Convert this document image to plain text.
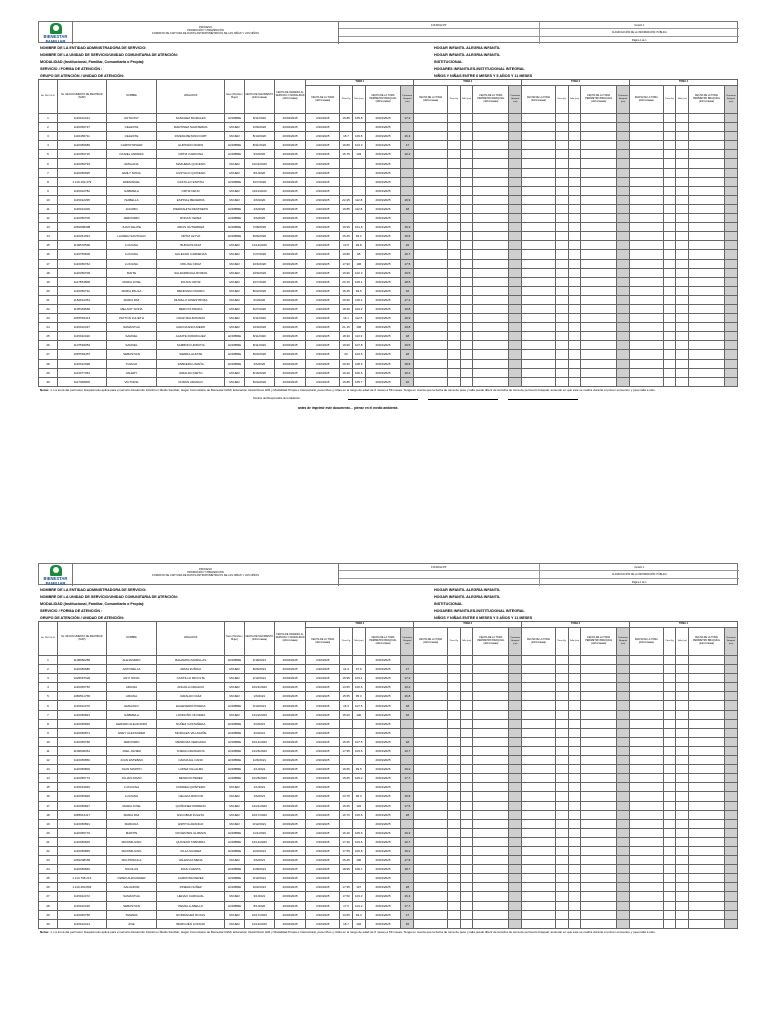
BIENESTAR
FAMILIAR
PROCESO
PROMOCIÓN Y PREVENCIÓN
FORMATO DE CAPTURA DE DATOS ANTROPOMÉTRICOS DE LAS NIÑAS Y LOS NIÑOS
F18.MO12.PP	Versión 1
CLASIFICACIÓN DE LA INFORMACIÓN: PÚBLICA
Página 1 de 1
NOMBRE DE LA ENTIDAD ADMINISTRADORA DE SERVICIO:	HOGAR INFANTIL ALEGRIA INFANTIL
NOMBRE DE LA UNIDAD DE SERVICIO/UNIDAD COMUNITARIA DE ATENCIÓN:	HOGAR INFANTIL ALEGRIA INFANTIL
MODALIDAD (Institucional, Familiar, Comunitaria o Propia):	INSTITUCIONAL
SERVICIO / FORMA DE ATENCIÓN :	HOGARES INFANTILES-INSTITUCIONAL INTEGRAL
GRUPO DE ATENCIÓN / UNIDAD DE ATENCIÓN:	NIÑOS Y NIÑAS ENTRE 6 MESES Y 5 AÑOS Y 11 MESES
No. DE FOLIO	No. DE DOCUMENTO DE IDENTIDAD (NUIP)	NOMBRE	APELLIDOS	Sexo (Hombre / Mujer)	FECHA DE NACIMIENTO (dd/mm/aaaa)	FECHA DE INGRESO AL SERVICIO O MODALIDAD (dd/mm/aaaa)	TOMA 1					TOMA 2					TOMA 3					TOMA 4				
							FECHA DE LA TOMA (dd/mm/aaaa)	Peso Kg	Talla (cm)	FECHA DE LA TOMA PERÍMETRO BRAQUIAL (dd/mm/aaaa)	Perímetro Braquial (cm)	FECHA DE LA TOMA (dd/mm/aaaa)	Peso Kg	Talla (cm)	FECHA DE LA TOMA PERÍMETRO BRAQUIAL (dd/mm/aaaa)	Perímetro Braquial (cm)	FECHA DE LA TOMA (dd/mm/aaaa)	Peso Kg	Talla (cm)	FECHA DE LA TOMA PERÍMETRO BRAQUIAL (dd/mm/aaaa)	Perímetro Braquial (cm)	FECHA DE LA TOMA (dd/mm/aaaa)	Peso Kg	Talla (cm)	FECHA DE LA TOMA PERÍMETRO BRAQUIAL (dd/mm/aaaa)	Perímetro Braquial (cm)
1	1115012421	ANTHONY	SANCHEZ MORALES	HOMBRE	8/11/2020	20/03/2025	2/20/2025	16.85	105.8	20/03/2025	17.2															
2	1116456737	CELESTE	MARTINEZ SAVATERRA	MUJER	1/06/2020	20/03/2025	2/20/2025			20/03/2025																
3	1116456711	CELESTE	RIVERA BETANCOURT	MUJER	8/10/2020	20/03/2025	2/20/2025	18.7	106.8	20/03/2025	16.3															
4	1116456689	CHRISTOPHER	HURTADO MARIN	HOMBRE	8/31/2020	20/03/2025	2/20/2025	16.80	104.3	20/03/2025	17															
5	1116456715	DANIEL ANDRES	ORTIZ CARDONA	HOMBRE	9/9/2020	20/03/2025	2/20/2025	15.75	103	20/03/2025	16.2															
6	1116456793	EMILIANA	MAZUERA QUICENO	MUJER	10/11/2020	20/03/2025	2/20/2025			20/03/2025																
7	1116456695	EMILY SOFIA	CASTILLO QUICENO	MUJER	8/1/2020	20/03/2025	2/20/2025			20/03/2025																
8	1.116.152.379	EMMANUEL	CASTILLO ESPITIA	HOMBRE	10/7/2020	20/03/2025	2/20/2025			20/03/2025																
9	1115012782	GABRIELA	ORTIZ FEIJO	MUJER	11/11/2020	20/03/2025	2/20/2025			20/03/2025																
10	1115012295	ISABELLA	ESPINAL BECERRA	MUJER	4/6/2020	20/03/2025	2/20/2025	22.25	112.8	20/03/2025	19.9															
11	1115012406	JACOBO	PIEDRAHITA RESTREPO	HOMBRE	4/6/2020	20/03/2025	2/20/2025	16.85	112.8	20/03/2025	18															
12	1116456705	JERONIMO	RODAS YEPEZ	HOMBRE	4/6/2020	20/03/2025	2/20/2025			20/03/2025																
13	1081808498	JUAN FELIPE	ARIAS GUTIERREZ	HOMBRE	7/28/2020	20/03/2025	2/20/2025	16.95	101.8	20/03/2025	16.3															
14	1116451091	LAUREN SANTIAGO	ORTIZ LEYVA	HOMBRE	8/26/2020	20/03/2025	2/20/2025	16.25	99.2	20/03/2025	15.5															
15	1109570590	LUCIANA	BURGOS DIAZ	MUJER	11/14/2020	20/03/2025	2/20/2025	13.5	99.8	20/03/2025	16															
16	1115750608	LUCIANA	GALEANO CARDENAS	MUJER	7/27/2020	20/03/2025	2/20/2025	19.80	98	20/03/2025	16.7															
17	1116456762	LUCIANA	MOLINA CRUZ	MUJER	10/6/2020	20/03/2025	2/20/2025	17.90	106	20/03/2025	17.5															
18	1116456708	MAITE	SALDARRIAGA ROMAN	MUJER	10/6/2020	20/03/2025	2/20/2025	16.90	102.3	20/03/2025	16.5															
19	1117554808	MARIA JOSE	ROJAS ORTIZ	MUJER	10/7/2020	20/03/2025	2/20/2025	20.15	108.1	20/03/2025	18.5															
20	1116456732	MARIA PAULA	MENDOZA OSORIO	MUJER	8/22/2020	20/03/2025	2/20/2025	16.25	99.5	20/03/2025	16															
21	1152612351	MARIA PAZ	MURILLO HINESTROZA	MUJER	6/4/2020	20/03/2025	2/20/2025	16.90	105.4	20/03/2025	17.2															
22	1105463566	MELANY SOFIA	BEDOYA PRADA	MUJER	6/27/2020	20/03/2025	2/20/2025	18.30	103.2	20/03/2025	16.8															
23	1087563413	PAYTON JULIETH	CRUZ MALDONADO	MUJER	6/11/2020	20/03/2025	2/20/2025	16.1	112.5	20/03/2025	16.9															
24	1115012337	SAMANTHA	GARCIA ESCUDERO	MUJER	10/9/2020	20/03/2025	2/20/2025	21.15	106	20/03/2025	19.8															
25	1115012420	SAMUEL	ALZATE RODRIGUEZ	HOMBRE	8/11/2020	20/03/2025	2/20/2025	18.30	113.9	20/03/2025	18															
26	1107593053	SAMUEL	SAMBONI URRUTIA	HOMBRE	8/11/2020	20/03/2025	2/20/2025	19.90	107.8	20/03/2025	16.5															
27	1087563457	SEBASTIAN	SIERRA ALZATE	HOMBRE	8/23/2020	20/03/2025	2/20/2025	20	103.6	20/03/2025	18															
28	1115012398	THIAGO	ZABRERA LIMAÑA	HOMBRE	4/6/2020	20/03/2025	2/20/2025	19.30	108.6	20/03/2025	18.8															
29	1113377453	VALERY	GIRALDO NIETO	MUJER	8/16/2020	20/03/2025	2/20/2025	16.20	100.5	20/03/2025	16.2															
30	1117468005	VICTORIA	DURAN ARANGO	MUJER	8/24/2020	20/03/2025	2/20/2025	16.85	105.7	20/03/2025	16															
Notas: 1. La toma del perímetro braquial solo aplica para el servicio Desarrollo Infantil en Medio Familiar, Hogar Comunitario de Bienestar FAMI, Educación Inicial Rural, EIR y Modalidad Propia e Intercultural, para niños y niñas en el rango de edad de 6 meses a 59 meses. Tenga en cuenta que la fecha de toma de peso y talla puede diferir de la fecha de toma de perímetro braquial, teniendo en que este se realiza durante el primer encuentro y peso talla a sólo.
Nombre del Responsable de la Medición:
antes de imprimir este documento… piense en el medio ambiente.
BIENESTAR
FAMILIAR
PROCESO
PROMOCIÓN Y PREVENCIÓN
FORMATO DE CAPTURA DE DATOS ANTROPOMÉTRICOS DE LAS NIÑAS Y LOS NIÑOS
F18.MO12.PP	Versión 1
CLASIFICACIÓN DE LA INFORMACIÓN: PÚBLICA
Página 1 de 1
NOMBRE DE LA ENTIDAD ADMINISTRADORA DE SERVICIO:	HOGAR INFANTIL ALEGRIA INFANTIL
NOMBRE DE LA UNIDAD DE SERVICIO/UNIDAD COMUNITARIA DE ATENCIÓN:	HOGAR INFANTIL ALEGRIA INFANTIL
MODALIDAD (Institucional, Familiar, Comunitaria o Propia):	INSTITUCIONAL
SERVICIO / FORMA DE ATENCIÓN :	HOGARES INFANTILES-INSTITUCIONAL INTEGRAL
GRUPO DE ATENCIÓN / UNIDAD DE ATENCIÓN:	NIÑOS Y NIÑAS ENTRE 6 MESES Y 5 AÑOS Y 11 MESES
No. DE FOLIO	No. DE DOCUMENTO DE IDENTIDAD (NUIP)	NOMBRE	APELLIDOS	Sexo (Hombre / Mujer)	FECHA DE NACIMIENTO (dd/mm/aaaa)	FECHA DE INGRESO AL SERVICIO O MODALIDAD (dd/mm/aaaa)	TOMA 1					TOMA 2					TOMA 3					TOMA 4				
							FECHA DE LA TOMA (dd/mm/aaaa)	Peso Kg	Talla (cm)	FECHA DE LA TOMA PERÍMETRO BRAQUIAL (dd/mm/aaaa)	Perímetro Braquial (cm)	FECHA DE LA TOMA (dd/mm/aaaa)	Peso Kg	Talla (cm)	FECHA DE LA TOMA PERÍMETRO BRAQUIAL (dd/mm/aaaa)	Perímetro Braquial (cm)	FECHA DE LA TOMA (dd/mm/aaaa)	Peso Kg	Talla (cm)	FECHA DE LA TOMA PERÍMETRO BRAQUIAL (dd/mm/aaaa)	Perímetro Braquial (cm)	FECHA DE LA TOMA (dd/mm/aaaa)	Peso Kg	Talla (cm)	FECHA DE LA TOMA PERÍMETRO BRAQUIAL (dd/mm/aaaa)	Perímetro Braquial (cm)
1	1108960286	ALEJANDRO	BAHAMON MURILLAS	HOMBRE	2/18/2021	20/03/2025	2/20/2025			20/03/2025																
2	1116456685	ANTONELLA	ARIZA ZUÑIGA	MUJER	8/26/2021	20/03/2025	2/20/2025	14.3	97.6	20/03/2025	17															
3	1025667626	ANYI NIKOL	CASTILLO MICOLTA	MUJER	2/13/2021	20/03/2025	2/20/2025	15.95	103.1	20/03/2025	17.2															
4	1116456756	ARIANA	ANGOLA GIRALDO	MUJER	10/21/2020	20/03/2025	2/20/2025	13.65	100.6	20/03/2025	16.2															
5	1080511765	ARIANA	GIRALDO DIAZ	MUJER	1/6/2021	20/03/2025	2/20/2025	15.55	95.3	20/03/2025	16.8															
6	1115012476	EMILIANO	ECHEVERRI PINEDA	HOMBRE	3/13/2021	20/03/2025	2/20/2025	16.3	107.5	20/03/2025	18															
7	1116456823	GABRIELA	LONDOÑO OLIVERA	MUJER	12/22/2020	20/03/2025	2/20/2025	15.00	100	20/03/2025	16															
8	1116456836	GERARD ALEJANDRO	NUÑEZ CASTAÑEDA	HOMBRE	2/3/2021	20/03/2025	2/20/2025			20/03/2025																
9	1116456871	GREY ALEXANDER	MORALES VILLAFAÑE	HOMBRE	3/3/2021	20/03/2025	2/20/2025			20/03/2025																
10	1116456768	JERONIMO	MENDOZA VERGARA	HOMBRE	10/14/2020	20/03/2025	2/20/2025	16.05	107.5	20/03/2025	18															
11	1109606061	JOEL JAVIER	OJEDA GRANADOS	HOMBRE	12/26/2020	20/03/2025	2/20/2025	17.95	103.6	20/03/2025	16.7															
12	1116456850	JUAN ESTEBAN	CARVAJAL CANO	HOMBRE	1/26/2021	20/03/2025	2/20/2025			20/03/2025																
13	1116456800	JUAN MARTIN	LOPEZ VILLALBA	HOMBRE	4/1/2021	20/03/2025	2/20/2025	16.65	99.5	20/03/2025	16.2															
14	1116456773	JULIAN DAVID	RENDON PEREZ	HOMBRE	10/26/2020	20/03/2025	2/20/2025	15.65	105.3	20/03/2025	17.7															
15	1115013946	LUCCIANA	CORREA QUINTERO	MUJER	1/1/2021	20/03/2025	2/20/2025			20/03/2025																
16	1116456829	LUCIANA	CELADA RINCON	MUJER	1/6/2021	20/03/2025	2/20/2025	13.75	95.3	20/03/2025	16.8															
17	1116456827	MARIA JOSE	QUIÑONEZ MORENO	MUJER	12/21/2020	20/03/2025	2/20/2025	16.65	102	20/03/2025	17.5															
18	1085516117	MARIA PAZ	ESCOBAR ZULETA	MUJER	10/17/2020	20/03/2025	2/20/2025	16.70	106.6	20/03/2025	18															
19	1116456891	MARIANA	ESPITIA ARANGO	MUJER	3/12/2021	20/03/2025	2/20/2025			20/03/2025																
20	1116456779	MARTIN	CIFUENTES GUZMAN	HOMBRE	11/1/2020	20/03/2025	2/20/2025	16.40	105.6	20/03/2025	16.3															
21	1116456819	MAXIMILIANO	QUICENO TABORDA	HOMBRE	12/14/2020	20/03/2025	2/20/2025	17.30	103.6	20/03/2025	16.7															
22	1116456865	MAXIMILIANO	VILLA SUAREZ	HOMBRE	2/23/2021	20/03/2025	2/20/2025	17.55	106.8	20/03/2025	16.2															
23	1081208166	MIA PRISCILA	VALENCIA MENA	MUJER	4/6/2021	20/03/2025	2/20/2025	15.45	100	20/03/2025	17.8															
24	1116456846	NICOLAS	DIAS CUESTA	HOMBRE	1/28/2021	20/03/2025	2/20/2025	18.95	109.7	20/03/2025	18.7															
25	1.113.795.213	OWEN ALEXANDER	CARDONA PEREZ	HOMBRE	3/13/2021	20/03/2025	2/20/2025			20/03/2025																
26	1.116.460.893	SALVADOR	PINEDA NUÑEZ	HOMBRE	3/22/2021	20/03/2025	2/20/2025	17.95	107	20/03/2025	18															
27	1115012472	SAMANTHA	HENAO CARVAJAL	MUJER	3/1/2021	20/03/2025	2/20/2025	17.50	103.3	20/03/2025	16.3															
28	1115012436	SEBASTIAN	PEMILLA ABELLO	HOMBRE	8/1/2020	20/03/2025	2/20/2025	17.5	104.3	20/03/2025	17.7															
29	1116456758	TAMARA	RODRIGUEZ ROJAS	MUJER	10/17/2020	20/03/2025	2/20/2025	13.65	99.3	20/03/2025	17															
30	1115012414	ZOE	IBARGUEN LOZANO	MUJER	11/14/2020	20/03/2025	2/20/2025	16.7	102	20/03/2025	16															
Notas: 1. La toma del perímetro braquial solo aplica para el servicio Desarrollo Infantil en Medio Familiar, Hogar Comunitario de Bienestar FAMI, Educación Inicial Rural, EIR y Modalidad Propia e Intercultural, para niños y niñas en el rango de edad de 6 meses a 59 meses. Tenga en cuenta que la fecha de toma de peso y talla puede diferir de la fecha de toma de perímetro braquial, teniendo en que este se realiza durante el primer encuentro y peso talla a sólo.
